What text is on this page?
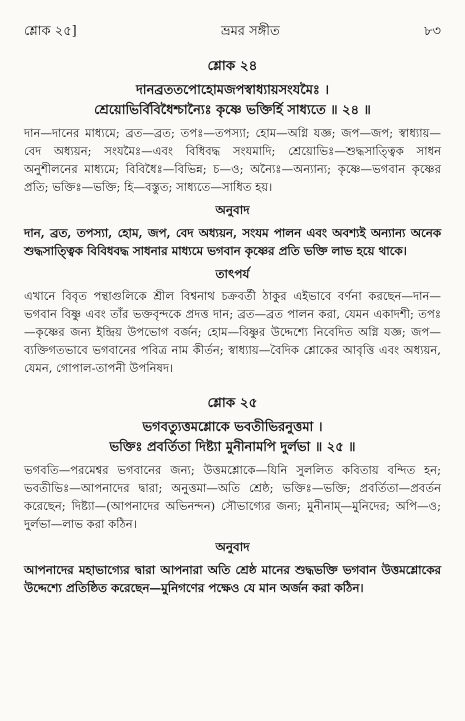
শ্লোক ২৫]	ভ্রমর সঙ্গীত	৮৩
শ্লোক ২৪
দানব্রততপোহোমজপস্বাধ্যায়সংযমৈঃ ।
শ্রেয়োভির্বিবিধৈশ্চান্যৈঃ কৃষ্ণে ভক্তির্হি সাধ্যতে ॥ ২৪ ॥
দান—দানের মাধ্যমে; ব্রত—ব্রত; তপঃ—তপস্যা; হোম—অগ্নি যজ্ঞ; জপ—জপ; স্বাধ্যায়—বেদ অধ্যয়ন; সংযমৈঃ—এবং বিধিবদ্ধ সংযমাদি; শ্রেয়োভিঃ—শুদ্ধসাত্ত্বিক সাধন অনুশীলনের মাধ্যমে; বিবিধৈঃ—বিভিন্ন; চ—ও; অন্যৈঃ—অন্যান্য; কৃষ্ণে—ভগবান কৃষ্ণের প্রতি; ভক্তিঃ—ভক্তি; হি—বস্তুত; সাধ্যতে—সাধিত হয়।
অনুবাদ
দান, ব্রত, তপস্যা, হোম, জপ, বেদ অধ্যয়ন, সংযম পালন এবং অবশ্যই অন্যান্য অনেক শুদ্ধসাত্ত্বিক বিবিধবদ্ধ সাধনার মাধ্যমে ভগবান কৃষ্ণের প্রতি ভক্তি লাভ হয়ে থাকে।
তাৎপর্য
এখানে বিবৃত পন্থাগুলিকে শ্রীল বিশ্বনাথ চক্রবর্তী ঠাকুর এইভাবে বর্ণনা করছেন—দান—ভগবান বিষ্ণু এবং তাঁর ভক্তবৃন্দকে প্রদত্ত দান; ব্রত—ব্রত পালন করা, যেমন একাদশী; তপঃ—কৃষ্ণের জন্য ইন্দ্রিয় উপভোগ বর্জন; হোম—বিষ্ণুর উদ্দেশ্যে নিবেদিত অগ্নি যজ্ঞ; জপ—ব্যক্তিগতভাবে ভগবানের পবিত্র নাম কীর্তন; স্বাধ্যায়—বৈদিক শ্লোকের আবৃত্তি এবং অধ্যয়ন, যেমন, গোপাল-তাপনী উপনিষদ।
শ্লোক ২৫
ভগবত্যুত্তমশ্লোকে ভবতীভিরনুত্তমা ।
ভক্তিঃ প্রবর্তিতা দিষ্ট্যা মুনীনামপি দুর্লভা ॥ ২৫ ॥
ভগবতি—পরমেশ্বর ভগবানের জন্য; উত্তমশ্লোকে—যিনি সুললিত কবিতায় বন্দিত হন; ভবতীভিঃ—আপনাদের দ্বারা; অনুত্তমা—অতি শ্রেষ্ঠ; ভক্তিঃ—ভক্তি; প্রবর্তিতা—প্রবর্তন করেছেন; দিষ্ট্যা—(আপনাদের অভিনন্দন) সৌভাগ্যের জন্য; মুনীনাম্—মুনিদের; অপি—ও; দুর্লভা—লাভ করা কঠিন।
অনুবাদ
আপনাদের মহাভাগ্যের দ্বারা আপনারা অতি শ্রেষ্ঠ মানের শুদ্ধভক্তি ভগবান উত্তমশ্লোকের উদ্দেশ্যে প্রতিষ্ঠিত করেছেন—মুনিগণের পক্ষেও যে মান অর্জন করা কঠিন।
